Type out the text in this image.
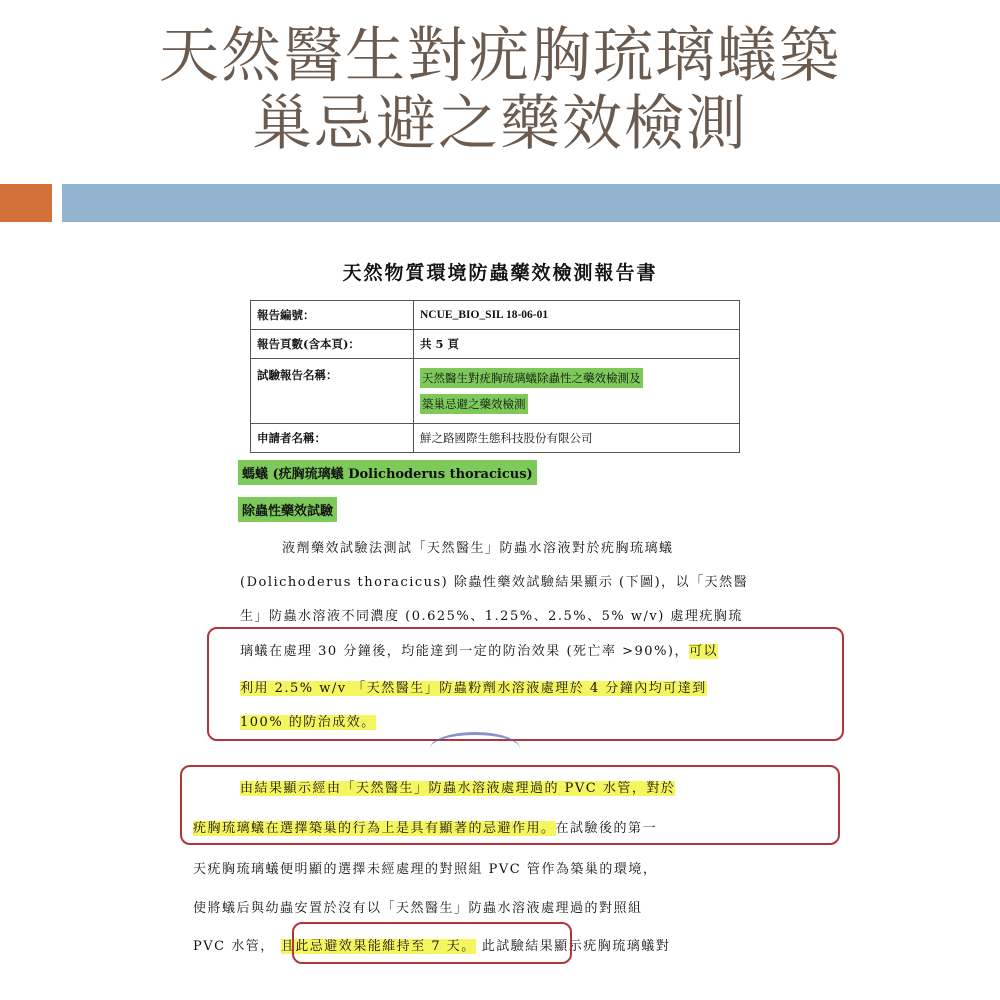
天然醫生對疣胸琉璃蟻築
巢忌避之藥效檢測
天然物質環境防蟲藥效檢測報告書
報告編號：	NCUE_BIO_SIL 18-06-01
報告頁數(含本頁)：	共 5 頁
試驗報告名稱：	天然醫生對疣胸琉璃蟻除蟲性之藥效檢測及
築巢忌避之藥效檢測
申請者名稱：	鮮之路國際生態科技股份有限公司
螞蟻 (疣胸琉璃蟻 Dolichoderus thoracicus)
除蟲性藥效試驗
液劑藥效試驗法測試「天然醫生」防蟲水溶液對於疣胸琉璃蟻
(Dolichoderus thoracicus) 除蟲性藥效試驗結果顯示 (下圖)，以「天然醫
生」防蟲水溶液不同濃度 (0.625%、1.25%、2.5%、5% w/v) 處理疣胸琉
璃蟻在處理 30 分鐘後，均能達到一定的防治效果 (死亡率 >90%)，可以
利用 2.5% w/v 「天然醫生」防蟲粉劑水溶液處理於 4 分鐘內均可達到
100% 的防治成效。
由結果顯示經由「天然醫生」防蟲水溶液處理過的 PVC 水管，對於
疣胸琉璃蟻在選擇築巢的行為上是具有顯著的忌避作用。在試驗後的第一
天疣胸琉璃蟻便明顯的選擇未經處理的對照組 PVC 管作為築巢的環境，
使將蟻后與幼蟲安置於沒有以「天然醫生」防蟲水溶液處理過的對照組
PVC 水管， 且此忌避效果能維持至 7 天。 此試驗結果顯示疣胸琉璃蟻對
